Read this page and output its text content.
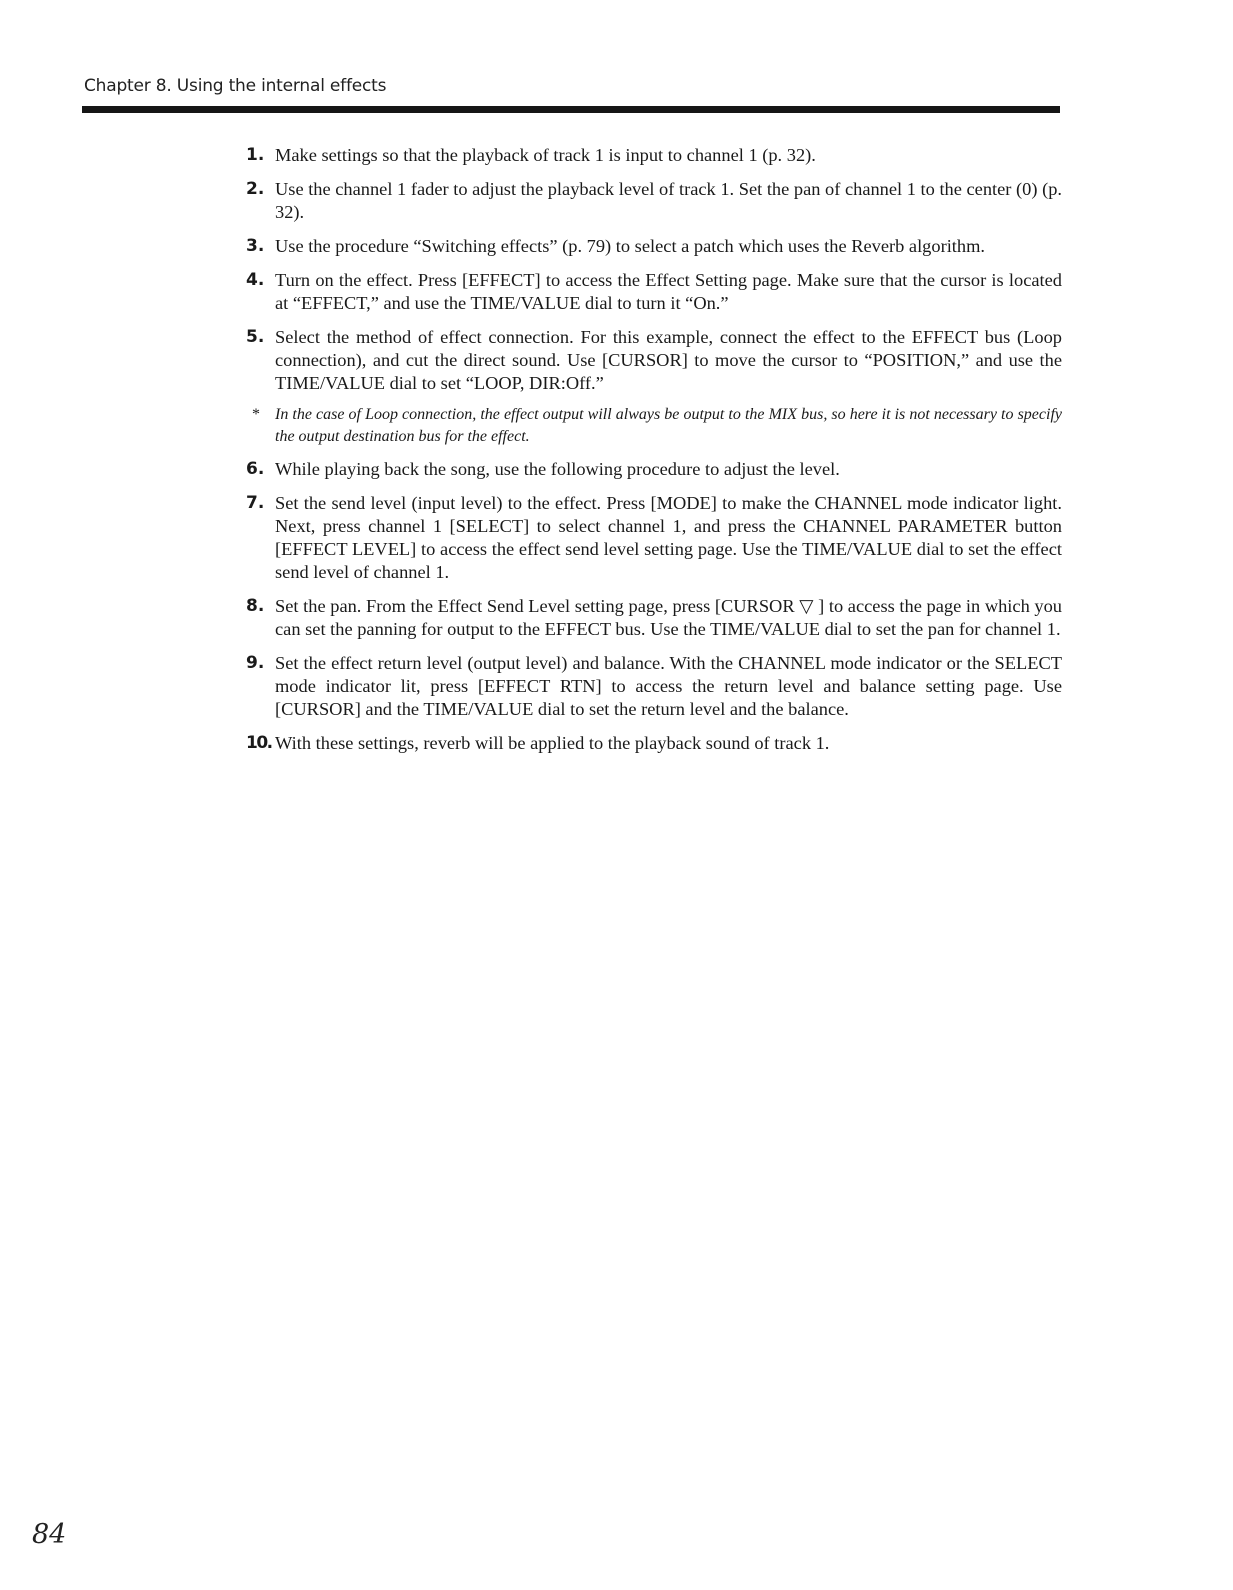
Chapter 8. Using the internal effects
1. Make settings so that the playback of track 1 is input to channel 1 (p. 32).
2. Use the channel 1 fader to adjust the playback level of track 1. Set the pan of channel 1 to the center (0) (p. 32).
3. Use the procedure “Switching effects” (p. 79) to select a patch which uses the Reverb algorithm.
4. Turn on the effect. Press [EFFECT] to access the Effect Setting page. Make sure that the cursor is located at “EFFECT,” and use the TIME/VALUE dial to turn it “On.”
5. Select the method of effect connection. For this example, connect the effect to the EFFECT bus (Loop connection), and cut the direct sound. Use [CURSOR] to move the cursor to “POSITION,” and use the TIME/VALUE dial to set “LOOP, DIR:Off.”
* In the case of Loop connection, the effect output will always be output to the MIX bus, so here it is not necessary to specify the output destination bus for the effect.
6. While playing back the song, use the following procedure to adjust the level.
7. Set the send level (input level) to the effect. Press [MODE] to make the CHANNEL mode indicator light. Next, press channel 1 [SELECT] to select channel 1, and press the CHANNEL PARAMETER button [EFFECT LEVEL] to access the effect send level setting page. Use the TIME/VALUE dial to set the effect send level of channel 1.
8. Set the pan. From the Effect Send Level setting page, press [CURSOR ▽ ] to access the page in which you can set the panning for output to the EFFECT bus. Use the TIME/VALUE dial to set the pan for channel 1.
9. Set the effect return level (output level) and balance. With the CHANNEL mode indicator or the SELECT mode indicator lit, press [EFFECT RTN] to access the return level and balance setting page. Use [CURSOR] and the TIME/VALUE dial to set the return level and the balance.
10. With these settings, reverb will be applied to the playback sound of track 1.
84
